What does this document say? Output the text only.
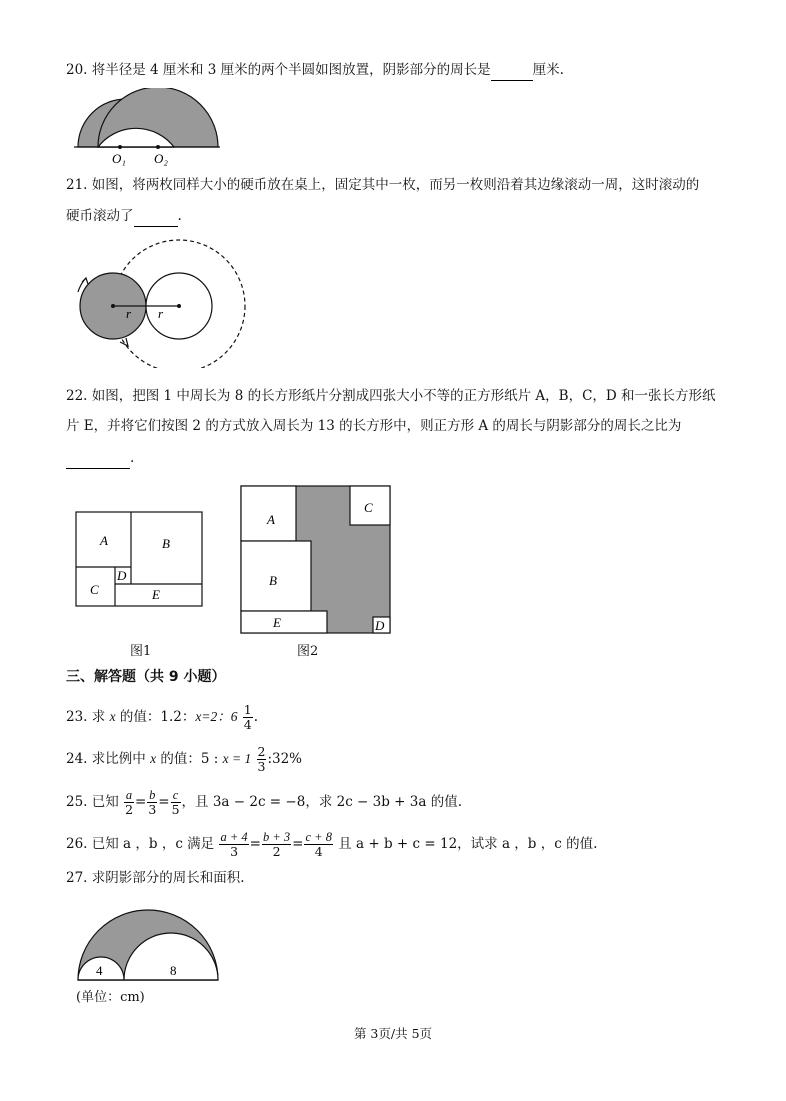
20. 将半径是 4 厘米和 3 厘米的两个半圆如图放置，阴影部分的周长是	厘米.
O₁ O₂
21. 如图，将两枚同样大小的硬币放在桌上，固定其中一枚，而另一枚则沿着其边缘滚动一周，这时滚动的
硬币滚动了	.
r r
22. 如图，把图 1 中周长为 8 的长方形纸片分割成四张大小不等的正方形纸片 A，B，C，D 和一张长方形纸
片 E，并将它们按图 2 的方式放入周长为 13 的长方形中，则正方形 A 的周长与阴影部分的周长之比为
.
A	B
C
D
E
图1
A
B
C
D
E
图2
三、解答题（共 9 小题）
23. 求 x 的值：1.2：x=2：$6 \frac{1}{4}$ .
24. 求比例中 x 的值：5 : $x = 1 \frac{2}{3}$ :32%
25. 已知 $\frac{a}{2} = \frac{b}{3} = \frac{c}{5}$ ，且 3a − 2c = −8，求 2c − 3b + 3a 的值.
26. 已知 a ，b ，c 满足 $\frac{a + 4}{3} = \frac{b + 3}{2} = \frac{c + 8}{4}$ 且 a + b + c = 12，试求 a ，b ，c 的值.
27. 求阴影部分的周长和面积.
4	8
(单位：cm)
第 3页/共 5页
